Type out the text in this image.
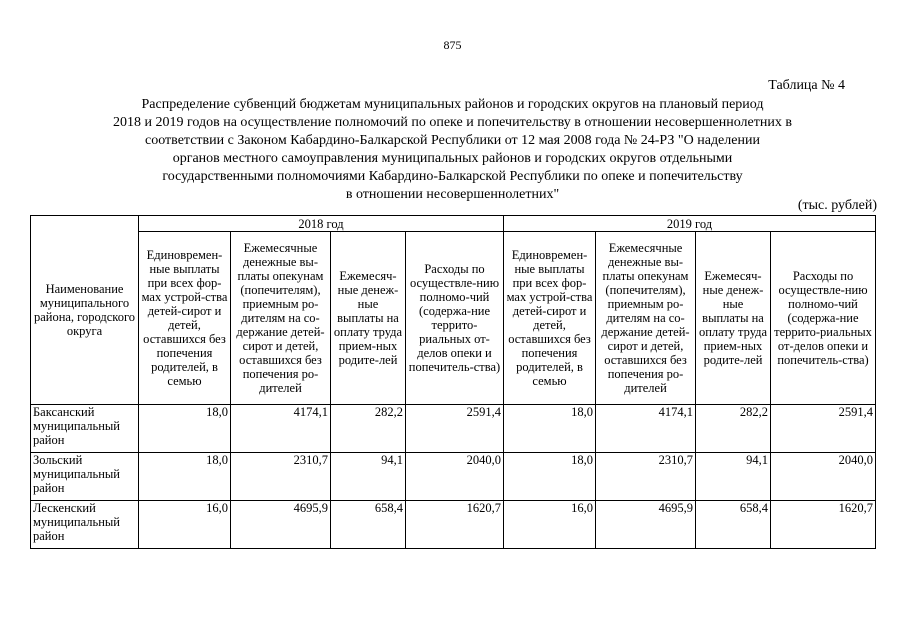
875
Таблица № 4
Распределение субвенций бюджетам муниципальных районов и городских округов на плановый период
2018 и 2019 годов на осуществление полномочий по опеке и попечительству в отношении несовершеннолетних в
соответствии с Законом Кабардино-Балкарской Республики от 12 мая 2008 года № 24-РЗ "О наделении
органов местного самоуправления муниципальных районов и городских округов отдельными
государственными полномочиями Кабардино-Балкарской Республики по опеке и попечительству
в отношении несовершеннолетних"
(тыс. рублей)
Наименование муниципального района, городского округа	2018 год				2019 год			
	Единовремен-ные выплаты при всех фор-мах устрой-ства детей-сирот и детей, оставшихся без попечения родителей, в семью	Ежемесячные денежные вы-платы опекунам (попечителям), приемным ро-дителям на со-держание детей-сирот и детей, оставшихся без попечения ро-дителей	Ежемесяч-ные денеж-ные выплаты на оплату труда прием-ных родите-лей	Расходы по осуществле-нию полномо-чий (содержа-ние террито-риальных от-делов опеки и попечитель-ства)	Единовремен-ные выплаты при всех фор-мах устрой-ства детей-сирот и детей, оставшихся без попечения родителей, в семью	Ежемесячные денежные вы-платы опекунам (попечителям), приемным ро-дителям на со-держание детей-сирот и детей, оставшихся без попечения ро-дителей	Ежемесяч-ные денеж-ные выплаты на оплату труда прием-ных родите-лей	Расходы по осуществле-нию полномо-чий (содержа-ние террито-риальных от-делов опеки и попечитель-ства)
Баксанский муниципальный район	18,0	4174,1	282,2	2591,4	18,0	4174,1	282,2	2591,4
Зольский муниципальный район	18,0	2310,7	94,1	2040,0	18,0	2310,7	94,1	2040,0
Лескенский муниципальный район	16,0	4695,9	658,4	1620,7	16,0	4695,9	658,4	1620,7
